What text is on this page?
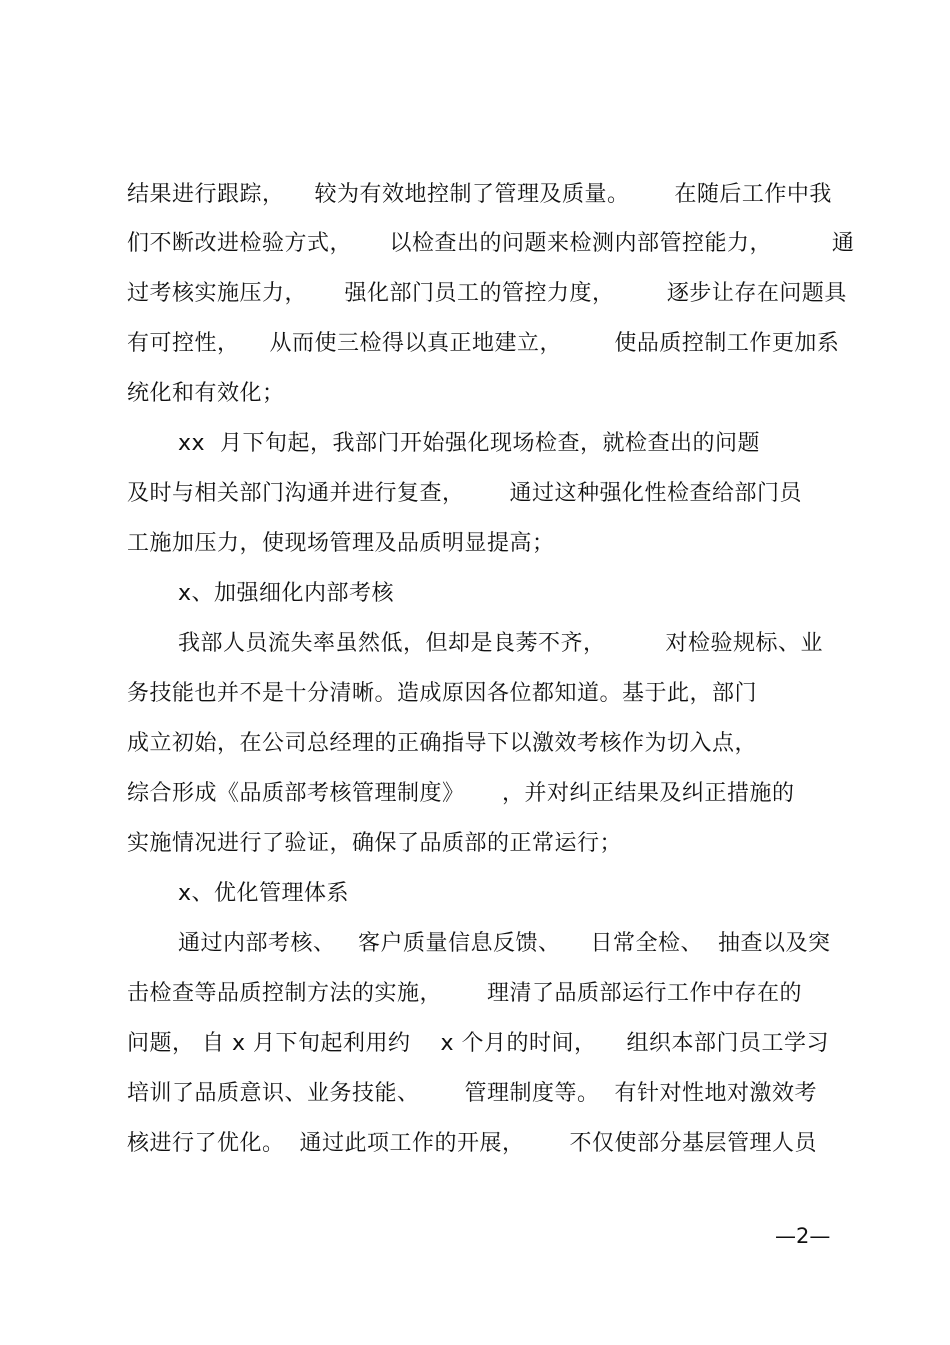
结果进行跟踪，    较为有效地控制了管理及质量。      在随后工作中我
们不断改进检验方式，     以检查出的问题来检测内部管控能力，        通
过考核实施压力，     强化部门员工的管控力度，       逐步让存在问题具
有可控性，    从而使三检得以真正地建立，       使品质控制工作更加系
统化和有效化；
xx  月下旬起，我部门开始强化现场检查，就检查出的问题
及时与相关部门沟通并进行复查，      通过这种强化性检查给部门员
工施加压力，使现场管理及品质明显提高；
x、加强细化内部考核
我部人员流失率虽然低，但却是良莠不齐，        对检验规标、业
务技能也并不是十分清晰。造成原因各位都知道。基于此，部门
成立初始，在公司总经理的正确指导下以激效考核作为切入点，
综合形成《品质部考核管理制度》     ，并对纠正结果及纠正措施的
实施情况进行了验证，确保了品质部的正常运行；
x、优化管理体系
通过内部考核、   客户质量信息反馈、    日常全检、  抽查以及突
击检查等品质控制方法的实施，      理清了品质部运行工作中存在的
问题， 自 x 月下旬起利用约    x 个月的时间，    组织本部门员工学习
培训了品质意识、业务技能、      管理制度等。  有针对性地对激效考
核进行了优化。  通过此项工作的开展，      不仅使部分基层管理人员
—2—
